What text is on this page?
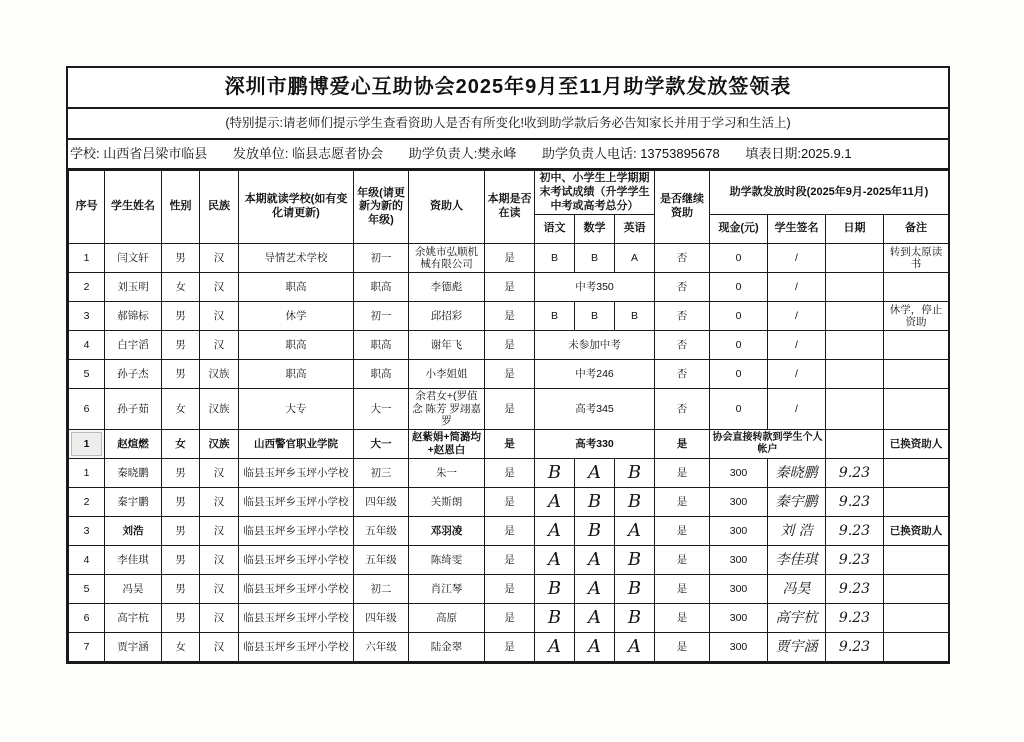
深圳市鹏博爱心互助协会2025年9月至11月助学款发放签领表
(特别提示:请老师们提示学生查看资助人是否有所变化!收到助学款后务必告知家长并用于学习和生活上)
学校: 山西省吕梁市临县 发放单位: 临县志愿者协会 助学负责人:樊永峰 助学负责人电话: 13753895678 填表日期:2025.9.1
序号	学生姓名	性别	民族	本期就读学校(如有变化请更新)	年级(请更新为新的年级)	资助人	本期是否在读	初中、小学生上学期期末考试成绩（升学学生中考或高考总分）			是否继续资助	助学款发放时段(2025年9月-2025年11月)			
								语文	数学	英语		现金(元)	学生签名	日期	备注
1	闫文轩	男	汉	导情艺术学校	初一	余姚市弘顺机械有限公司	是	B	B	A	否	0	/		转到太原读书
2	刘玉明	女	汉	职高	职高	李德彪	是	中考350			否	0	/		
3	郝锦标	男	汉	休学	初一	邱招彩	是	B	B	B	否	0	/		休学，停止资助
4	白宇滔	男	汉	职高	职高	谢年飞	是	未参加中考			否	0	/		
5	孙子杰	男	汉族	职高	职高	小李姐姐	是	中考246			否	0	/		
6	孙子茹	女	汉族	大专	大一	余君女+(罗值念 陈芳 罗翊嘉 罗	是	高考345			否	0	/		
1	赵煊燃	女	汉族	山西警官职业学院	大一	赵紫娟+简潞均+赵恩白	是	高考330			是	协会直接转款到学生个人帐户			已换资助人
1	秦晓鹏	男	汉	临县玉坪乡玉坪小学校	初三	朱一	是	B	A	B	是	300	秦晓鹏	9.23	
2	秦宇鹏	男	汉	临县玉坪乡玉坪小学校	四年级	关斯朗	是	A	B	B	是	300	秦宇鹏	9.23	
3	刘浩	男	汉	临县玉坪乡玉坪小学校	五年级	邓羽凌	是	A	B	A	是	300	刘 浩	9.23	已换资助人
4	李佳琪	男	汉	临县玉坪乡玉坪小学校	五年级	陈绮雯	是	A	A	B	是	300	李佳琪	9.23	
5	冯昊	男	汉	临县玉坪乡玉坪小学校	初二	肖江琴	是	B	A	B	是	300	冯昊	9.23	
6	高宇杭	男	汉	临县玉坪乡玉坪小学校	四年级	高原	是	B	A	B	是	300	高宇杭	9.23	
7	贾宇涵	女	汉	临县玉坪乡玉坪小学校	六年级	陆金翠	是	A	A	A	是	300	贾宇涵	9.23	
